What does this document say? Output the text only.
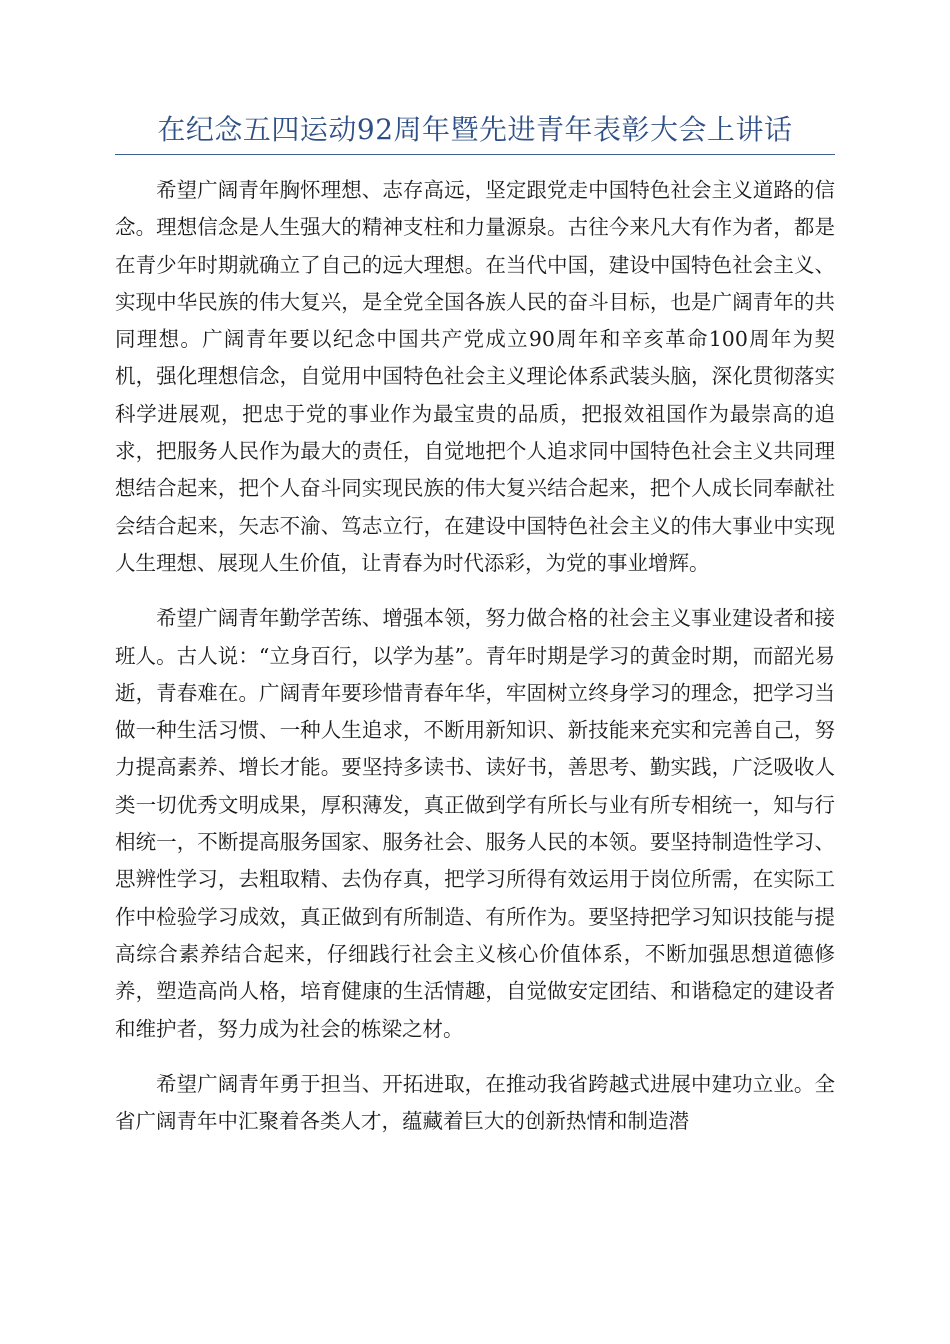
在纪念五四运动92周年暨先进青年表彰大会上讲话

希望广阔青年胸怀理想、志存高远，坚定跟党走中国特色社会主义道路的信念。理想信念是人生强大的精神支柱和力量源泉。古往今来凡大有作为者，都是在青少年时期就确立了自己的远大理想。在当代中国，建设中国特色社会主义、实现中华民族的伟大复兴，是全党全国各族人民的奋斗目标，也是广阔青年的共同理想。广阔青年要以纪念中国共产党成立90周年和辛亥革命100周年为契机，强化理想信念，自觉用中国特色社会主义理论体系武装头脑，深化贯彻落实科学进展观，把忠于党的事业作为最宝贵的品质，把报效祖国作为最崇高的追求，把服务人民作为最大的责任，自觉地把个人追求同中国特色社会主义共同理想结合起来，把个人奋斗同实现民族的伟大复兴结合起来，把个人成长同奉献社会结合起来，矢志不渝、笃志立行，在建设中国特色社会主义的伟大事业中实现人生理想、展现人生价值，让青春为时代添彩，为党的事业增辉。

希望广阔青年勤学苦练、增强本领，努力做合格的社会主义事业建设者和接班人。古人说：“立身百行，以学为基”。青年时期是学习的黄金时期，而韶光易逝，青春难在。广阔青年要珍惜青春年华，牢固树立终身学习的理念，把学习当做一种生活习惯、一种人生追求，不断用新知识、新技能来充实和完善自己，努力提高素养、增长才能。要坚持多读书、读好书，善思考、勤实践，广泛吸收人类一切优秀文明成果，厚积薄发，真正做到学有所长与业有所专相统一，知与行相统一，不断提高服务国家、服务社会、服务人民的本领。要坚持制造性学习、思辨性学习，去粗取精、去伪存真，把学习所得有效运用于岗位所需，在实际工作中检验学习成效，真正做到有所制造、有所作为。要坚持把学习知识技能与提高综合素养结合起来，仔细践行社会主义核心价值体系，不断加强思想道德修养，塑造高尚人格，培育健康的生活情趣，自觉做安定团结、和谐稳定的建设者和维护者，努力成为社会的栋梁之材。

希望广阔青年勇于担当、开拓进取，在推动我省跨越式进展中建功立业。全省广阔青年中汇聚着各类人才，蕴藏着巨大的创新热情和制造潜
